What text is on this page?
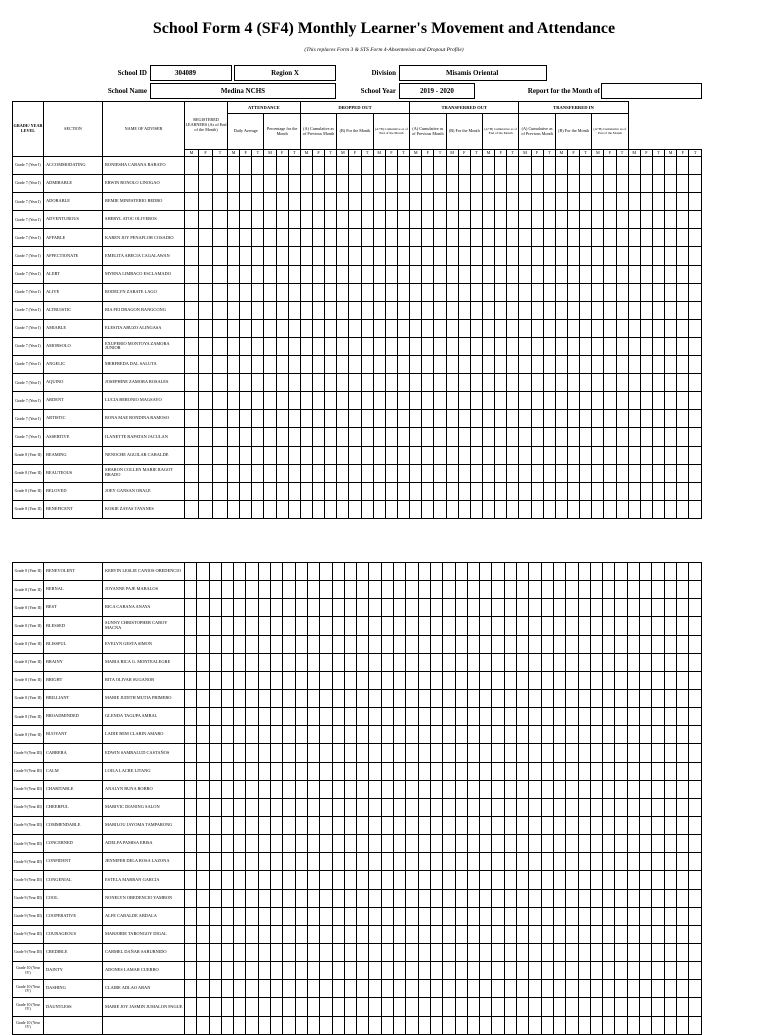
School Form 4 (SF4) Monthly Learner's Movement and Attendance
(This replaces Form 3 & STS Form 4-Absenteeism and Dropout Profile)
School ID	304089	Region X	Division	Misamis Oriental
School Name	Medina NCHS	School Year	2019 - 2020	Report for the Month of
GRADE/ YEAR LEVEL	SECTION	NAME OF ADVISER	REGISTERED LEARNERS (As of End of the Month)			ATTENDANCE						DROPPED OUT									TRANSFERRED OUT									TRANSFERRED IN														
						Daily Average			Percentage for the Month			(A) Cumulative as of Previous Month			(B) For the Month			(A+B) Cumulative as of End of the Month			(A) Cumulative as of Previous Month			(B) For the Month			(A+B) Cumulative as of End of the Month			(A) Cumulative as of Previous Month			(B) For the Month			(A+B) Cumulative as of End of the Month								
			M	F	T	M	F	T	M	F	T	M	F	T	M	F	T	M	F	T	M	F	T	M	F	T	M	F	T	M	F	T	M	F	T	M	F	T	M	F	T	M	F	T
Grade 7 (Year I)	ACCOMMODATING	RONIESHA CABANA BABAYO																																										
Grade 7 (Year I)	ADMIRABLE	ERWIN RONOLO LINOGAO																																										
Grade 7 (Year I)	ADORABLE	REMIE MINESTERIO BEDRO																																										
Grade 7 (Year I)	ADVENTUROUS	SHERYL ATOC OLIVEROS																																										
Grade 7 (Year I)	AFFABLE	KAREN JOY PENAFLOR COSADIO																																										
Grade 7 (Year I)	AFFECTIONATE	EMELITA ABECIA CAGALAWAN																																										
Grade 7 (Year I)	ALERT	MYRNA LIMBACO ESCLAMADO																																										
Grade 7 (Year I)	ALIVE	RODELYN ZARATE LAGO																																										
Grade 7 (Year I)	ALTRUISTIC	RIA FEI DRAGON BANGCONG																																										
Grade 7 (Year I)	AMIABLE	ELESITA ABUZO ALINGASA																																										
Grade 7 (Year I)	AMORSOLO	EXUPERIO MONTOYA ZAMORA JUNIOR																																										
Grade 7 (Year I)	ANGELIC	MERFREDA DAL SALUTA																																										
Grade 7 (Year I)	AQUINO	JOSEPHINE ZAMORA ROSALES																																										
Grade 7 (Year I)	ARDENT	LUCIA BERONIO MAGSAYO																																										
Grade 7 (Year I)	ARTISTIC	RONA MAE RONDINA RAMOSO																																										
Grade 7 (Year I)	ASSERTIVE	ILANETTE RAPATAN JACULAN																																										
Grade 8 (Year II)	BEAMING	NENOCHE AGUILAR CABALDE																																										
Grade 8 (Year II)	BEAUTEOUS	SHARON COLLEN MARIE RAGOT BRADO																																										
Grade 8 (Year II)	BELOVED	JOEY GANSAN ORALE																																										
Grade 8 (Year II)	BENEFICENT	KOKIE ZAYAS TAYANES																																										
Grade 8 (Year II)	BENEVOLENT	KERVIN LESLIE CANIOS OBEDENCIO																																										
Grade 8 (Year II)	BERNAL	JOYANNE PAJE MABALOS																																										
Grade 8 (Year II)	BEST	RICA CABANA ANAYA																																										
Grade 8 (Year II)	BLESSED	SUNNY CHRISTOPHER CABOY MACNA																																										
Grade 8 (Year II)	BLISSFUL	EVELYN GESTA SIMON																																										
Grade 8 (Year II)	BRAINY	MARIA RICA G. MONTEALEGRE																																										
Grade 8 (Year II)	BRIGHT	RITA OLIVAR SUGANOB																																										
Grade 8 (Year II)	BRILLIANT	MARIE JUDITH MUTIA PRIMERO																																										
Grade 8 (Year II)	BROADMINDED	GLENDA TAGUPA AMBAL																																										
Grade 8 (Year II)	BUOYANT	LADIE BEM CLARIN AMARO																																										
Grade 9 (Year III)	CABRERA	EDWIN SAMBALUD CASTAÑOS																																										
Grade 9 (Year III)	CALM	LOILA LACRE LITANG																																										
Grade 9 (Year III)	CHARITABLE	ANALYN BUNA ROBRO																																										
Grade 9 (Year III)	CHEERFUL	MARIVIC DIANING SALON																																										
Grade 9 (Year III)	COMMENDABLE	MARILOU JAYOMA TAMPARONG																																										
Grade 9 (Year III)	CONCERNED	ADELFA PAMISA EBISA																																										
Grade 9 (Year III)	CONFIDENT	JENNIFER DELA ROSA LAZONA																																										
Grade 9 (Year III)	CONGENIAL	ESTELA MARBAN GARCIA																																										
Grade 9 (Year III)	COOL	NONELYN OBEDENCIO YAMBON																																										
Grade 9 (Year III)	COOPERATIVE	ALFE CABALDE ABDALA																																										
Grade 9 (Year III)	COURAGEOUS	MARJORIE TARONGOY DIGAL																																										
Grade 9 (Year III)	CREDIBLE	CARMEL DAÑAR SABURNIDO																																										
Grade 10 (Year IV)	DAINTY	ADONES LAMAR CUERBO																																										
Grade 10 (Year IV)	DASHING	CLAIRE ADLAO ABAN																																										
Grade 10 (Year IV)	DAUNTLESS	MARIE JOY JASMIN JUMALON PAGUE																																										
Grade 10 (Year IV)																																												
